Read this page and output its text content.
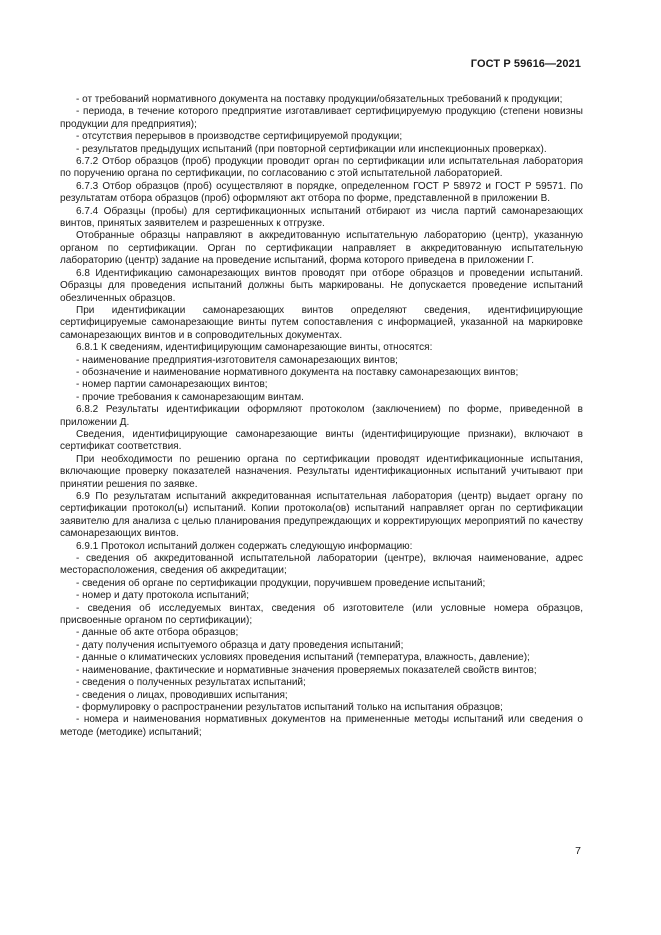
ГОСТ Р 59616—2021

- от требований нормативного документа на поставку продукции/обязательных требований к продукции;

- периода, в течение которого предприятие изготавливает сертифицируемую продукцию (степени новизны продукции для предприятия);

- отсутствия перерывов в производстве сертифицируемой продукции;

- результатов предыдущих испытаний (при повторной сертификации или инспекционных проверках).

6.7.2 Отбор образцов (проб) продукции проводит орган по сертификации или испытательная лаборатория по поручению органа по сертификации, по согласованию с этой испытательной лабораторией.

6.7.3 Отбор образцов (проб) осуществляют в порядке, определенном ГОСТ Р 58972 и ГОСТ Р 59571. По результатам отбора образцов (проб) оформляют акт отбора по форме, представленной в приложении В.

6.7.4 Образцы (пробы) для сертификационных испытаний отбирают из числа партий самонарезающих винтов, принятых заявителем и разрешенных к отгрузке.

Отобранные образцы направляют в аккредитованную испытательную лабораторию (центр), указанную органом по сертификации. Орган по сертификации направляет в аккредитованную испытательную лабораторию (центр) задание на проведение испытаний, форма которого приведена в приложении Г.

6.8 Идентификацию самонарезающих винтов проводят при отборе образцов и проведении испытаний. Образцы для проведения испытаний должны быть маркированы. Не допускается проведение испытаний обезличенных образцов.

При идентификации самонарезающих винтов определяют сведения, идентифицирующие сертифицируемые самонарезающие винты путем сопоставления с информацией, указанной на маркировке самонарезающих винтов и в сопроводительных документах.

6.8.1 К сведениям, идентифицирующим самонарезающие винты, относятся:

- наименование предприятия-изготовителя самонарезающих винтов;

- обозначение и наименование нормативного документа на поставку самонарезающих винтов;

- номер партии самонарезающих винтов;

- прочие требования к самонарезающим винтам.

6.8.2 Результаты идентификации оформляют протоколом (заключением) по форме, приведенной в приложении Д.

Сведения, идентифицирующие самонарезающие винты (идентифицирующие признаки), включают в сертификат соответствия.

При необходимости по решению органа по сертификации проводят идентификационные испытания, включающие проверку показателей назначения. Результаты идентификационных испытаний учитывают при принятии решения по заявке.

6.9 По результатам испытаний аккредитованная испытательная лаборатория (центр) выдает органу по сертификации протокол(ы) испытаний. Копии протокола(ов) испытаний направляет орган по сертификации заявителю для анализа с целью планирования предупреждающих и корректирующих мероприятий по качеству самонарезающих винтов.

6.9.1 Протокол испытаний должен содержать следующую информацию:

- сведения об аккредитованной испытательной лаборатории (центре), включая наименование, адрес месторасположения, сведения об аккредитации;

- сведения об органе по сертификации продукции, поручившем проведение испытаний;

- номер и дату протокола испытаний;

- сведения об исследуемых винтах, сведения об изготовителе (или условные номера образцов, присвоенные органом по сертификации);

- данные об акте отбора образцов;

- дату получения испытуемого образца и дату проведения испытаний;

- данные о климатических условиях проведения испытаний (температура, влажность, давление);

- наименование, фактические и нормативные значения проверяемых показателей свойств винтов;

- сведения о полученных результатах испытаний;

- сведения о лицах, проводивших испытания;

- формулировку о распространении результатов испытаний только на испытания образцов;

- номера и наименования нормативных документов на примененные методы испытаний или сведения о методе (методике) испытаний;

7
